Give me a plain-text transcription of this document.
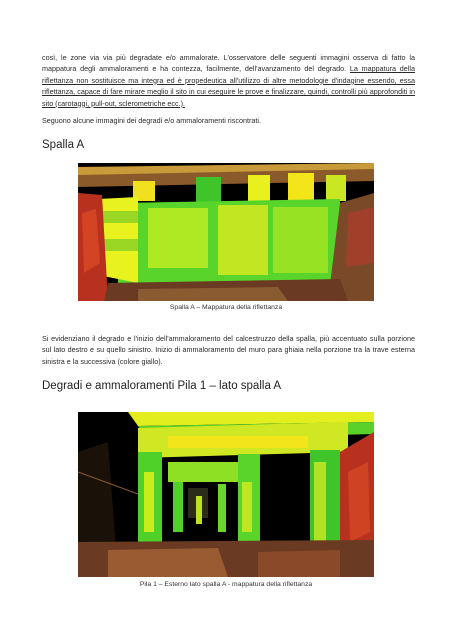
così, le zone via via più degradate e/o ammalorate. L'osservatore delle seguenti immagini osserva di fatto la mappatura degli ammaloramenti e ha contezza, facilmente, dell'avanzamento del degrado. La mappatura della riflettanza non sostituisce ma integra ed è propedeutica all'utilizzo di altre metodologie d'indagine essendo, essa riflettanza, capace di fare mirare meglio il sito in cui eseguire le prove e finalizzare, quindi, controlli più approfonditi in sito (carotaggi, pull-out, sclerometriche ecc.).

Seguono alcune immagini dei degradi e/o ammaloramenti riscontrati.

Spalla A
Spalla A – Mappatura della riflettanza

Si evidenziano il degrado e l'inizio dell'ammaloramento del calcestruzzo della spalla, più accentuato sulla porzione sul lato destro e su quello sinistro. Inizio di ammaloramento del muro para ghiaia nella porzione tra la trave esterna sinistra e la successiva (colore giallo).

Degradi e ammaloramenti Pila 1 – lato spalla A
Pila 1 – Esterno lato spalla A - mappatura della riflettanza
